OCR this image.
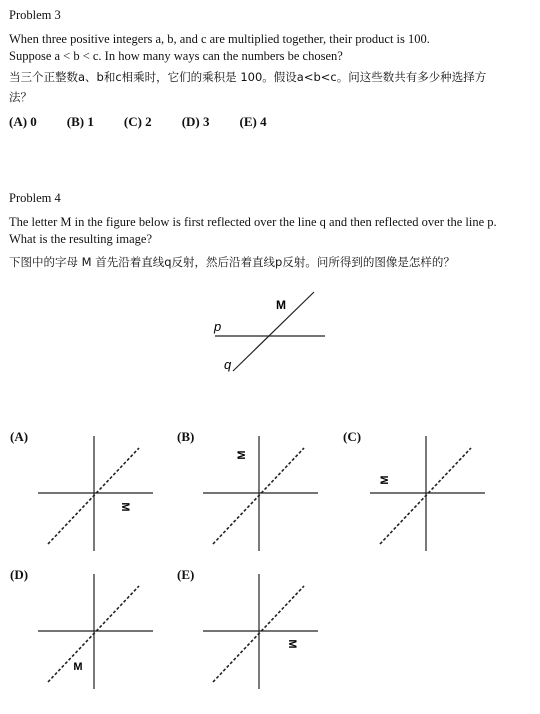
Problem 3
When three positive integers a, b, and c are multiplied together, their product is 100.
Suppose a < b < c. In how many ways can the numbers be chosen?
当三个正整数a、b和c相乘时，它们的乘积是 100。假设a<b<c。问这些数共有多少种选择方
法？
(A) 0 (B) 1 (C) 2 (D) 3 (E) 4
Problem 4
The letter M in the figure below is first reflected over the line q and then reflected over the line p.
What is the resulting image?
下图中的字母 M 首先沿着直线q反射，然后沿着直线p反射。问所得到的图像是怎样的？
M
p
q
(A)	(B)	(C)
(D)	(E)
M
M
M
M
M
